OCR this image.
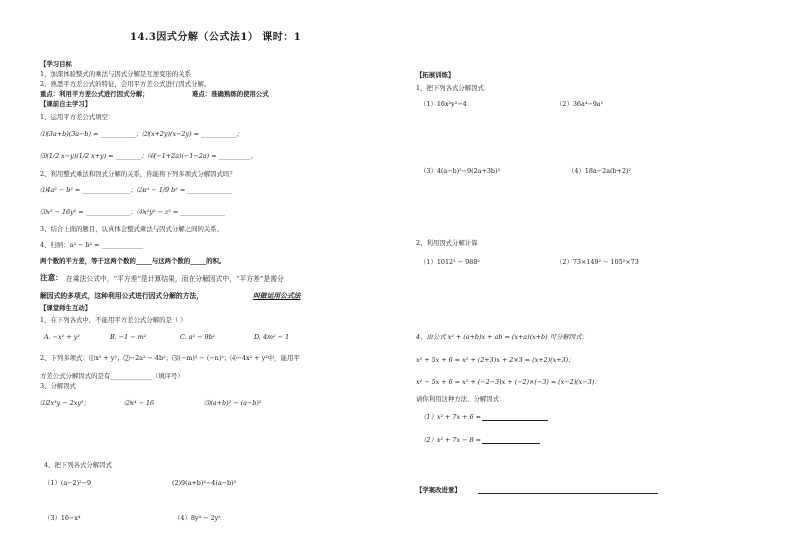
14.3因式分解（公式法1） 课时：1
【学习目标
1、加深体验整式的乘法与因式分解是互逆变形的关系
2、熟悉平方差公式的特征，会用平方差公式进行因式分解。
重点：利用平方差公式进行因式分解；	难点：准确熟练的使用公式
【课前自主学习】
1、运用平方差公式填空：
⑴(3a+b)(3a−b) = ___________；⑵(x+2y)(x−2y) = ___________；
⑶(1/2 x−y)(1/2 x+y) = ________；⑷(−1+2a)(−1−2a) = __________。
2、利用整式乘法和因式分解的关系，你能将下列多项式分解因式吗？
⑴4a² − b² = _______________；⑵a² − 1/9 b² = ______________
⑶x² − 16y² = ______________；⑷x²y² − z² = ______________
3、结合上面的题目，认真体会整式乘法与因式分解之间的关系。
4、归纳：a² − b² = _____________
两个数的平方差，等于这两个数的_____与这两个数的_____的积。
注意： 在乘法公式中，“平方差”是计算结果，而在分解因式中，“平方差”是需分
解因式的多项式，这种利用公式进行因式分解的方法，	叫做运用公式法
【课堂师生互动】
1、在下列各式中，不能用平方差公式分解的是（ ）
A. −x² + y²	B. −1 − m²	C. a² − 9b²	D. 4m² − 1
2、下列多项式：⑴x² + y²；⑵−2a² − 4b²；⑶(−m)² − (−n)²；⑷−4x² + y²中，能用平
方差公式分解因式的是有_____________（填序号）
3、分解因式
⑴2x³y − 2xy³；	⑵x⁴ − 16	⑶(a+b)² − (a−b)²
4、把下列各式分解因式
（1）(a−2)²−9	(2)9(a+b)²−4(a−b)²
（3）16−x⁴	（4）8y⁴ − 2y²
【拓展训练】
1、把下列各式分解因式
（1）16x²y²−4	（2）36a⁴−9a²
（3）4(a−b)²−9(2a+3b)²	（4）18a−2a(b+2)²
2、利用因式分解计算
（1）1012² − 988²	（2）73×149² − 105²×73
4、由公式 x² + (a+b)x + ab = (x+a)(x+b) 可分解因式：
x² + 5x + 6 = x² + (2+3)x + 2×3 = (x+2)(x+3)；
x² − 5x + 6 = x² + (−2−3)x + (−2)×(−3) = (x−2)(x−3)：
请你利用这种方法，分解因式：
（1）x² + 7x + 6 =
（2）x² + 7x − 8 =
【学案改进意】
